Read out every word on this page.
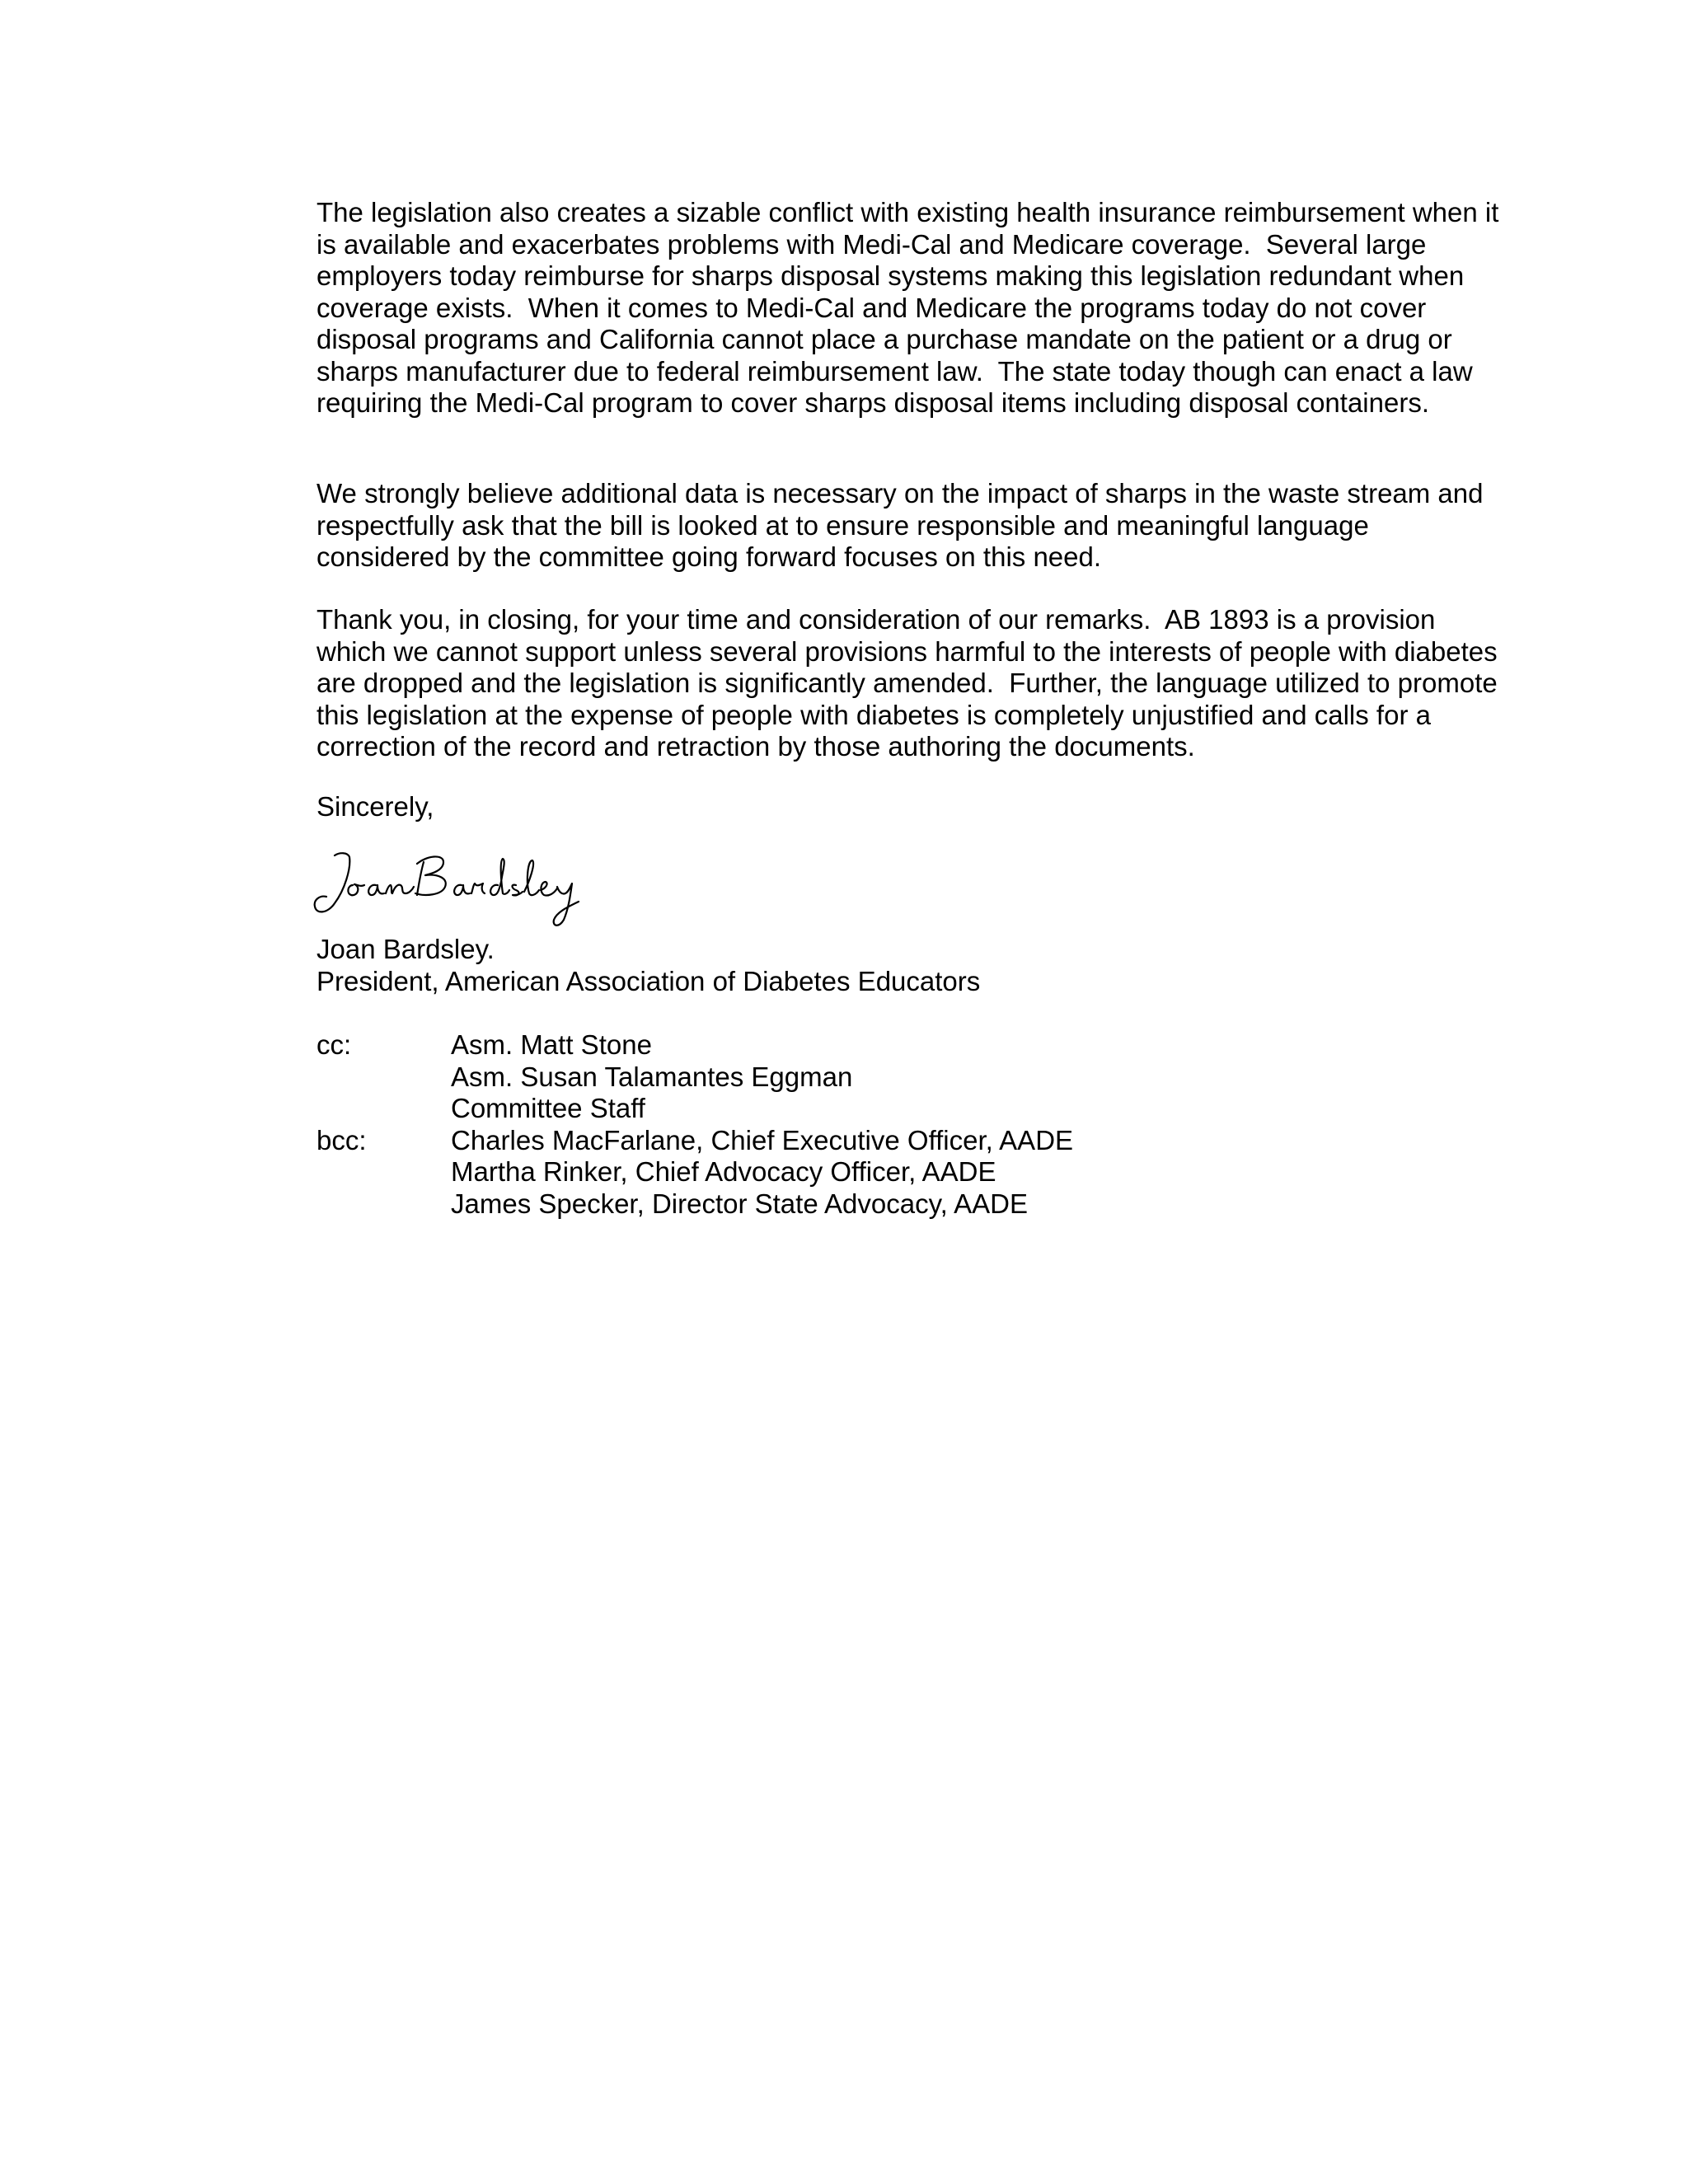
The legislation also creates a sizable conflict with existing health insurance reimbursement when it
is available and exacerbates problems with Medi-Cal and Medicare coverage.  Several large
employers today reimburse for sharps disposal systems making this legislation redundant when
coverage exists.  When it comes to Medi-Cal and Medicare the programs today do not cover
disposal programs and California cannot place a purchase mandate on the patient or a drug or
sharps manufacturer due to federal reimbursement law.  The state today though can enact a law
requiring the Medi-Cal program to cover sharps disposal items including disposal containers.
We strongly believe additional data is necessary on the impact of sharps in the waste stream and
respectfully ask that the bill is looked at to ensure responsible and meaningful language
considered by the committee going forward focuses on this need.
Thank you, in closing, for your time and consideration of our remarks.  AB 1893 is a provision
which we cannot support unless several provisions harmful to the interests of people with diabetes
are dropped and the legislation is significantly amended.  Further, the language utilized to promote
this legislation at the expense of people with diabetes is completely unjustified and calls for a
correction of the record and retraction by those authoring the documents.
Sincerely,
Joan Bardsley.
President, American Association of Diabetes Educators
cc:	Asm. Matt Stone
Asm. Susan Talamantes Eggman
Committee Staff
bcc:	Charles MacFarlane, Chief Executive Officer, AADE
Martha Rinker, Chief Advocacy Officer, AADE
James Specker, Director State Advocacy, AADE
